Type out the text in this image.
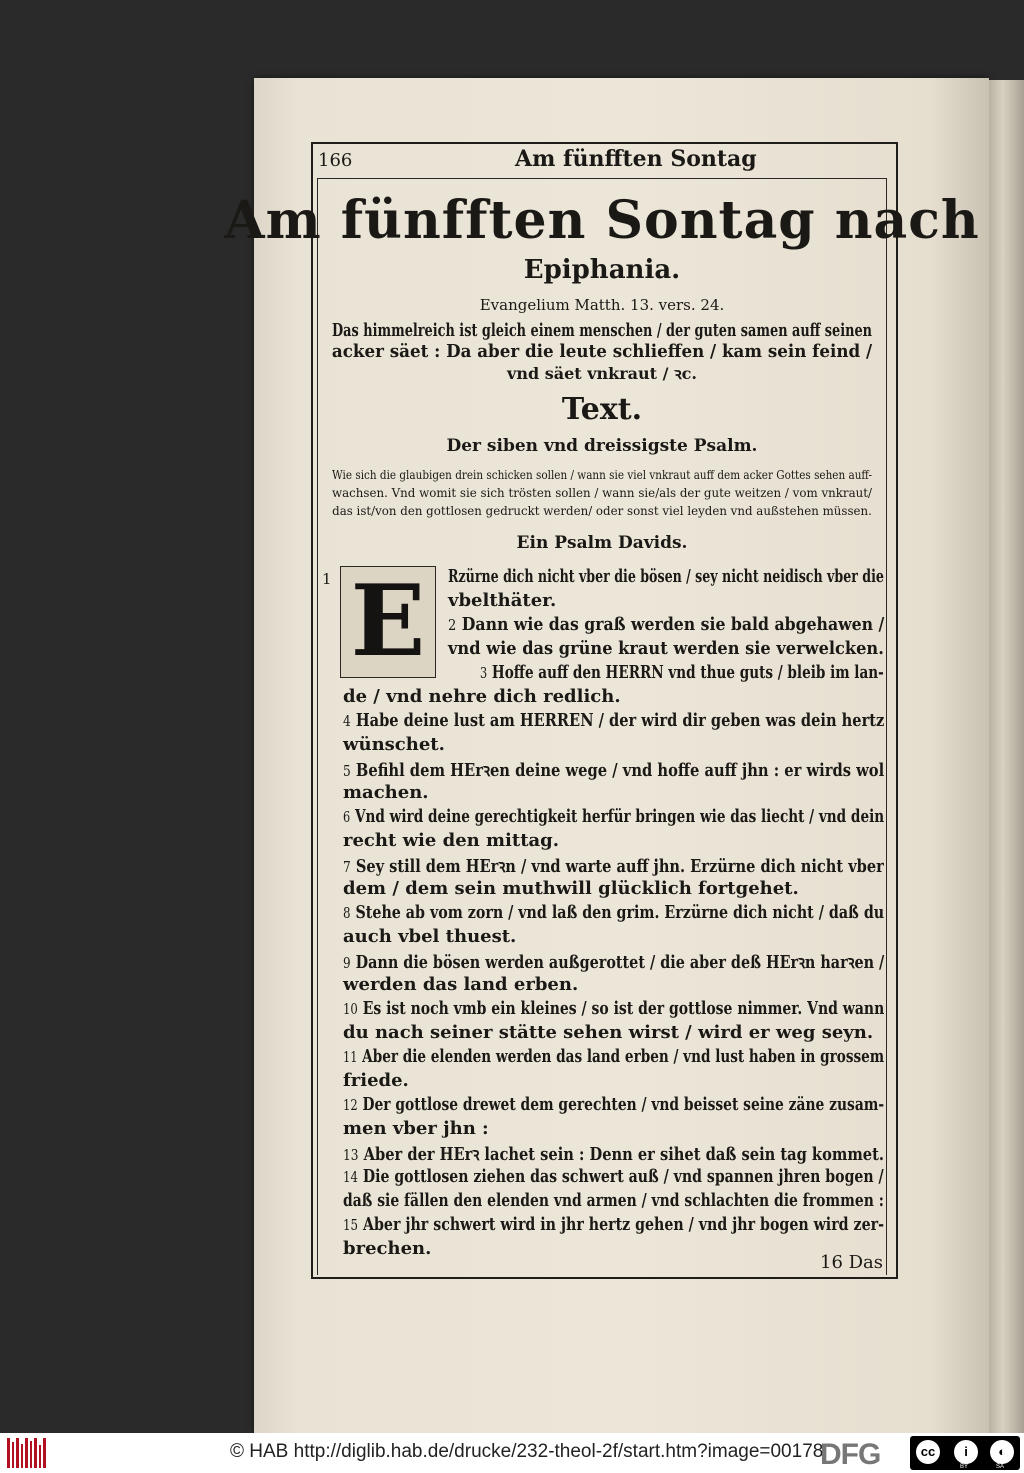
166	Am fünfften Sontag
Am fünfften Sontag nach
Epiphania.
Evangelium Matth. 13. vers. 24.
Das himmelreich ist gleich einem menschen / der guten samen auff seinen
acker säet : Da aber die leute schlieffen / kam sein feind /
vnd säet vnkraut / ꝛc.
Text.
Der siben vnd dreissigste Psalm.
Wie sich die glaubigen drein schicken sollen / wann sie viel vnkraut auff dem acker Gottes sehen auff-
wachsen. Vnd womit sie sich trösten sollen / wann sie/als der gute weitzen / vom vnkraut/
das ist/von den gottlosen gedruckt werden/ oder sonst viel leyden vnd außstehen müssen.
Ein Psalm Davids.
1 E	Rzürne dich nicht vber die bösen / sey nicht neidisch vber die
vbelthäter.
2 Dann wie das graß werden sie bald abgehawen /
vnd wie das grüne kraut werden sie verwelcken.
3 Hoffe auff den HERRN vnd thue guts / bleib im lan-
de / vnd nehre dich redlich.
4 Habe deine lust am HERREN / der wird dir geben was dein hertz
wünschet.
5 Befihl dem HErꝛen deine wege / vnd hoffe auff jhn : er wirds wol
machen.
6 Vnd wird deine gerechtigkeit herfür bringen wie das liecht / vnd dein
recht wie den mittag.
7 Sey still dem HErꝛn / vnd warte auff jhn. Erzürne dich nicht vber
dem / dem sein muthwill glücklich fortgehet.
8 Stehe ab vom zorn / vnd laß den grim. Erzürne dich nicht / daß du
auch vbel thuest.
9 Dann die bösen werden außgerottet / die aber deß HErꝛn harꝛen /
werden das land erben.
10 Es ist noch vmb ein kleines / so ist der gottlose nimmer. Vnd wann
du nach seiner stätte sehen wirst / wird er weg seyn.
11 Aber die elenden werden das land erben / vnd lust haben in grossem
friede.
12 Der gottlose drewet dem gerechten / vnd beisset seine zäne zusam-
men vber jhn :
13 Aber der HErꝛ lachet sein : Denn er sihet daß sein tag kommet.
14 Die gottlosen ziehen das schwert auß / vnd spannen jhren bogen /
daß sie fällen den elenden vnd armen / vnd schlachten die frommen :
15 Aber jhr schwert wird in jhr hertz gehen / vnd jhr bogen wird zer-
brechen.
16 Das
© HAB http://diglib.hab.de/drucke/232-theol-2f/start.htm?image=00178
DFG	cc	i	◐
BY	SA
